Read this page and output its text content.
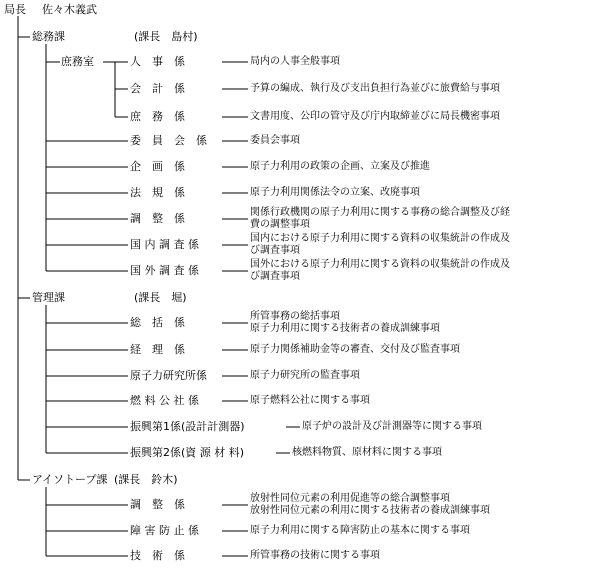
局長 佐々木義武
総務課	(課長　島村)
庶務室	人　事　係	局内の人事全般事項
会　計　係	予算の編成、執行及び支出負担行為並びに旅費給与事項
庶　務　係	文書用度、公印の管守及び庁内取締並びに局長機密事項
委　員　会　係	委員会事項
企　画　係	原子力利用の政策の企画、立案及び推進
法　規　係	原子力利用関係法令の立案、改廃事項
調　整　係	関係行政機関の原子力利用に関する事務の総合調整及び経
費の調整事項
国 内 調 査 係	国内における原子力利用に関する資料の収集統計の作成及
び調査事項
国 外 調 査 係	国外における原子力利用に関する資料の収集統計の作成及
び調査事項
管理課	(課長　堀)
総　括　係	所管事務の総括事項
原子力利用に関する技術者の養成訓練事項
経　理　係	原子力関係補助金等の審査、交付及び監査事項
原子力研究所係	原子力研究所の監査事項
燃 料 公 社 係	原子燃料公社に関する事項
振興第1係(設計計測器)	原子炉の設計及び計測器等に関する事項
振興第2係(資 源 材 料)	核燃料物質、原材料に関する事項
アイソトープ課 (課長　鈴木)
調　整　係	放射性同位元素の利用促進等の総合調整事項
放射性同位元素の利用に関する技術者の養成訓練事項
障 害 防 止 係	原子力利用に関する障害防止の基本に関する事項
技　術　係	所管事務の技術に関する事項
